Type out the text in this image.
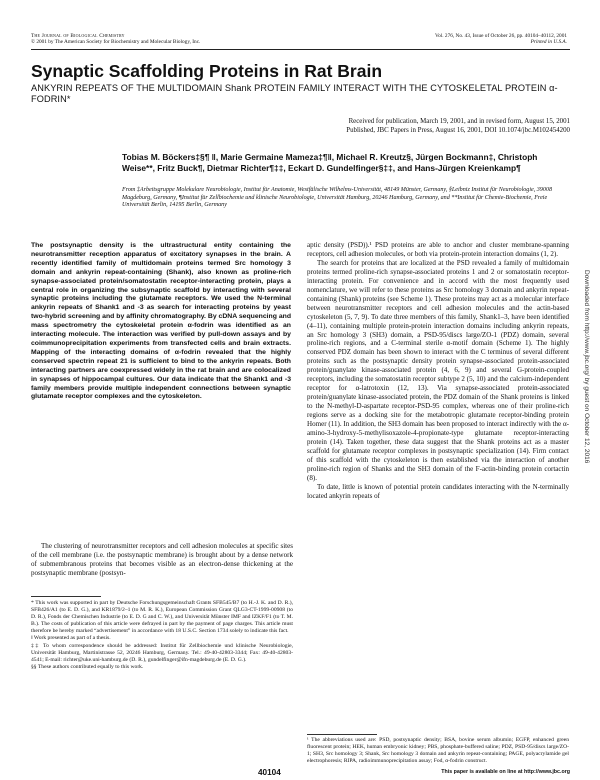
The Journal of Biological Chemistry
© 2001 by The American Society for Biochemistry and Molecular Biology, Inc.
Vol. 276, No. 43, Issue of October 26, pp. 40104–40112, 2001
Printed in U.S.A.
Synaptic Scaffolding Proteins in Rat Brain
ANKYRIN REPEATS OF THE MULTIDOMAIN Shank PROTEIN FAMILY INTERACT WITH THE CYTOSKELETAL PROTEIN α-FODRIN*
Received for publication, March 19, 2001, and in revised form, August 15, 2001
Published, JBC Papers in Press, August 16, 2001, DOI 10.1074/jbc.M102454200
Tobias M. Böckers‡§¶ ‖, Marie Germaine Mameza‡¶‖, Michael R. Kreutz§, Jürgen Bockmann‡, Christoph Weise**, Fritz Buck¶, Dietmar Richter¶‡‡, Eckart D. Gundelfinger§‡‡, and Hans-Jürgen Kreienkamp¶
From ‡Arbeitsgruppe Molekulare Neurobiologie, Institut für Anatomie, Westfälische Wilhelms-Universität, 48149 Münster, Germany, §Leibniz Institut für Neurobiologie, 39008 Magdeburg, Germany, ¶Institut für Zellbiochemie und klinische Neurobiologie, Universität Hamburg, 20246 Hamburg, Germany, and **Institut für Chemie-Biochemie, Freie Universität Berlin, 14195 Berlin, Germany
The postsynaptic density is the ultrastructural entity containing the neurotransmitter reception apparatus of excitatory synapses in the brain. A recently identified family of multidomain proteins termed Src homology 3 domain and ankyrin repeat-containing (Shank), also known as proline-rich synapse-associated protein/somatostatin receptor-interacting protein, plays a central role in organizing the subsynaptic scaffold by interacting with several synaptic proteins including the glutamate receptors. We used the N-terminal ankyrin repeats of Shank1 and -3 as search for interacting proteins by yeast two-hybrid screening and by affinity chromatography. By cDNA sequencing and mass spectrometry the cytoskeletal protein α-fodrin was identified as an interacting molecule. The interaction was verified by pull-down assays and by coimmunoprecipitation experiments from transfected cells and brain extracts. Mapping of the interacting domains of α-fodrin revealed that the highly conserved spectrin repeat 21 is sufficient to bind to the ankyrin repeats. Both interacting partners are coexpressed widely in the rat brain and are colocalized in synapses of hippocampal cultures. Our data indicate that the Shank1 and -3 family members provide multiple independent connections between synaptic glutamate receptor complexes and the cytoskeleton.

The clustering of neurotransmitter receptors and cell adhesion molecules at specific sites of the cell membrane (i.e. the postsynaptic membrane) is brought about by a dense network of submembranous proteins that becomes visible as an electron-dense thickening at the postsynaptic membrane (postsyn-

* This work was supported in part by Deutsche Forschungsgemeinschaft Grants SFB545/B7 (to H.-J. K. and D. R.), SFB426/A1 (to E. D. G.), and KR1879/2–1 (to M. R. K.), European Commission Grant QLG3-CT-1999-00908 (to D. R.), Fonds der Chemischen Industrie (to E. D. G and C. W.), and Universität Münster IMF and IZKF/F1 (to T. M. B.). The costs of publication of this article were defrayed in part by the payment of page charges. This article must therefore be hereby marked “advertisement” in accordance with 18 U.S.C. Section 1734 solely to indicate this fact.
‖ Work presented as part of a thesis.
‡‡ To whom correspondence should be addressed: Institut für Zellbiochemie und klinische Neurobiologie, Universität Hamburg, Martinistrasse 52, 20246 Hamburg, Germany. Tel.: 49-40-42803-3344; Fax: 49-40-42803-4541; E-mail: richter@uke.uni-hamburg.de (D. R.), gundelfinger@ifn-magdeburg.de (E. D. G.).
§§ These authors contributed equally to this work.

aptic density (PSD)).¹ PSD proteins are able to anchor and cluster membrane-spanning receptors, cell adhesion molecules, or both via protein-protein interaction domains (1, 2).

The search for proteins that are localized at the PSD revealed a family of multidomain proteins termed proline-rich synapse-associated proteins 1 and 2 or somatostatin receptor-interacting protein. For convenience and in accord with the most frequently used nomenclature, we will refer to these proteins as Src homology 3 domain and ankyrin repeat-containing (Shank) proteins (see Scheme 1). These proteins may act as a molecular interface between neurotransmitter receptors and cell adhesion molecules and the actin-based cytoskeleton (5, 7, 9). To date three members of this family, Shank1–3, have been identified (4–11), containing multiple protein-protein interaction domains including ankyrin repeats, an Src homology 3 (SH3) domain, a PSD-95/discs large/ZO-1 (PDZ) domain, several proline-rich regions, and a C-terminal sterile α-motif domain (Scheme 1). The highly conserved PDZ domain has been shown to interact with the C terminus of several different proteins such as the postsynaptic density protein synapse-associated protein-associated protein/guanylate kinase-associated protein (4, 6, 9) and several G-protein-coupled receptors, including the somatostatin receptor subtype 2 (5, 10) and the calcium-independent receptor for α-latrotoxin (12, 13). Via synapse-associated protein-associated protein/guanylate kinase-associated protein, the PDZ domain of the Shank proteins is linked to the N-methyl-D-aspartate receptor-PSD-95 complex, whereas one of their proline-rich regions serve as a docking site for the metabotropic glutamate receptor-binding protein Homer (11). In addition, the SH3 domain has been proposed to interact indirectly with the α-amino-3-hydroxy-5-methylisoxazole-4-propionate-type glutamate receptor-interacting protein (14). Taken together, these data suggest that the Shank proteins act as a master scaffold for glutamate receptor complexes in postsynaptic specialization (14). Firm contact of this scaffold with the cytoskeleton is then established via the interaction of another proline-rich region of Shanks and the SH3 domain of the F-actin-binding protein cortactin (8).

To date, little is known of potential protein candidates interacting with the N-terminally located ankyrin repeats of

¹ The abbreviations used are: PSD, postsynaptic density; BSA, bovine serum albumin; EGFP, enhanced green fluorescent protein; HEK, human embryonic kidney; PBS, phosphate-buffered saline; PDZ, PSD-95/discs large/ZO-1; SH3, Src homology 3; Shank, Src homology 3 domain and ankyrin repeat-containing; PAGE, polyacrylamide gel electrophoresis; RIPA, radioimmunoprecipitation assay; Fod, α-fodrin construct.
40104	This paper is available on line at http://www.jbc.org
Downloaded from http://www.jbc.org/ by guest on October 12, 2016
